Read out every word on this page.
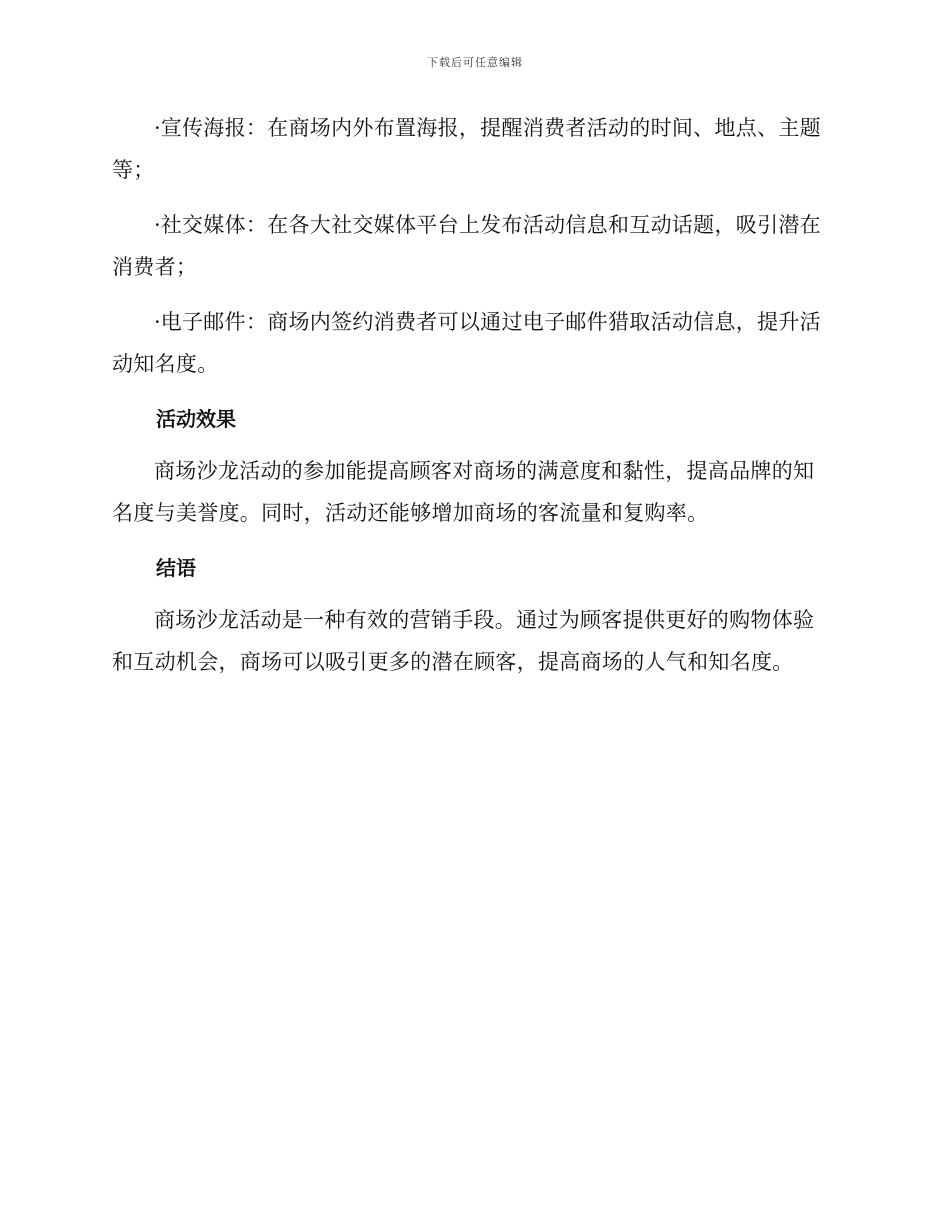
下载后可任意编辑

·宣传海报：在商场内外布置海报，提醒消费者活动的时间、地点、主题等；

·社交媒体：在各大社交媒体平台上发布活动信息和互动话题，吸引潜在消费者；

·电子邮件：商场内签约消费者可以通过电子邮件猎取活动信息，提升活动知名度。

活动效果

商场沙龙活动的参加能提高顾客对商场的满意度和黏性，提高品牌的知名度与美誉度。同时，活动还能够增加商场的客流量和复购率。

结语

商场沙龙活动是一种有效的营销手段。通过为顾客提供更好的购物体验和互动机会，商场可以吸引更多的潜在顾客，提高商场的人气和知名度。
